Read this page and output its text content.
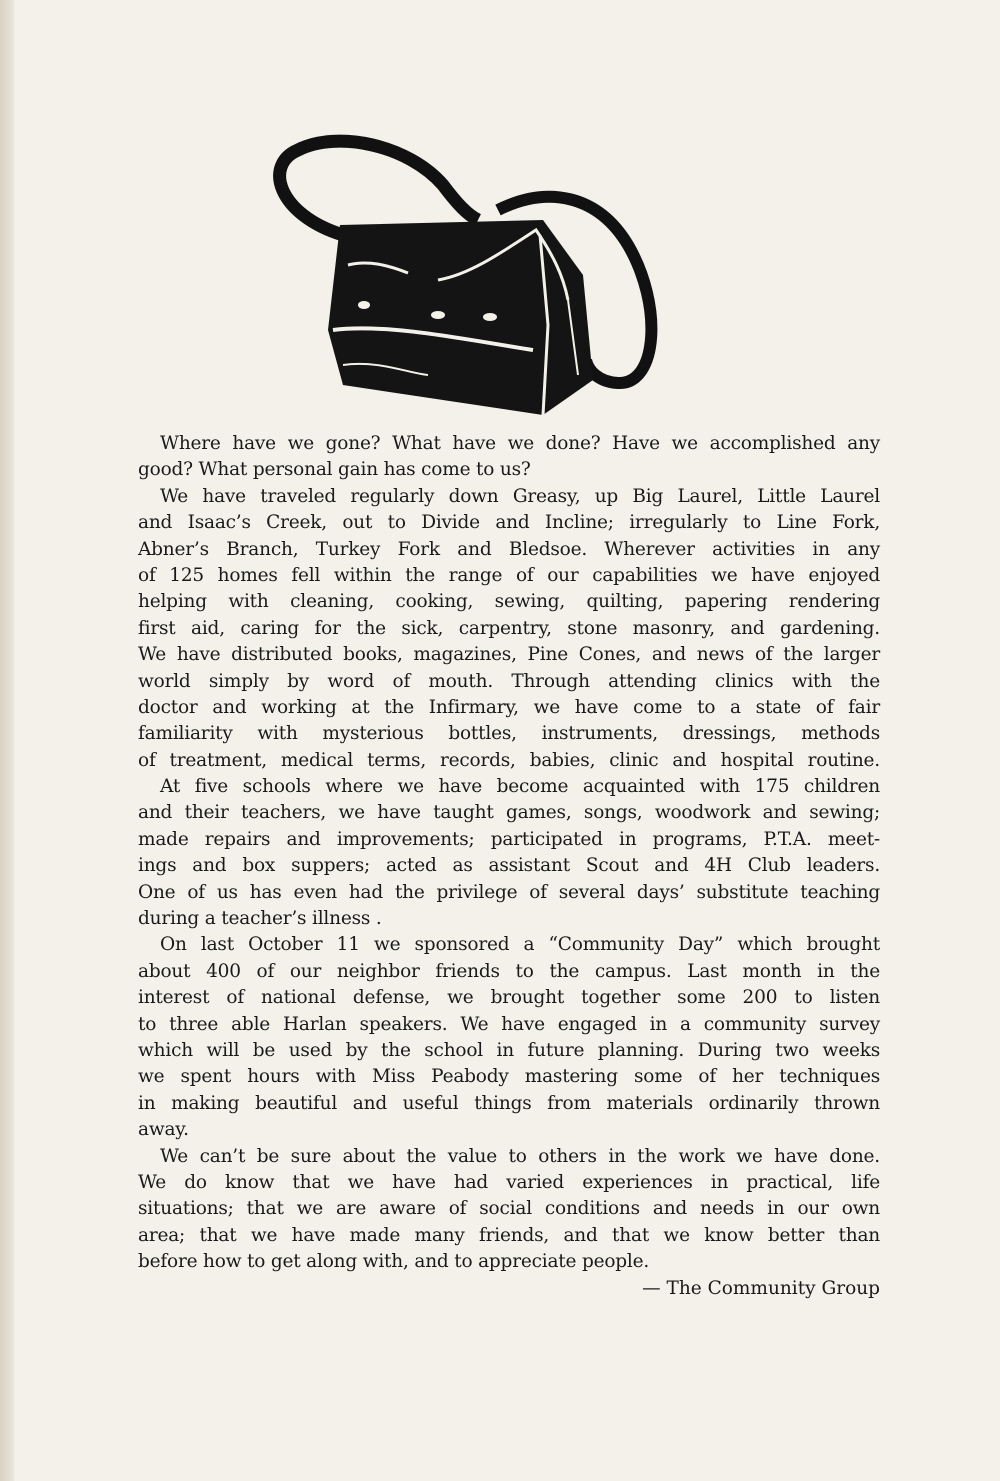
Where have we gone? What have we done? Have we accomplished any
good? What personal gain has come to us?
We have traveled regularly down Greasy, up Big Laurel, Little Laurel
and Isaac’s Creek, out to Divide and Incline; irregularly to Line Fork,
Abner’s Branch, Turkey Fork and Bledsoe. Wherever activities in any
of 125 homes fell within the range of our capabilities we have enjoyed
helping with cleaning, cooking, sewing, quilting, papering rendering
first aid, caring for the sick, carpentry, stone masonry, and gardening.
We have distributed books, magazines, Pine Cones, and news of the larger
world simply by word of mouth. Through attending clinics with the
doctor and working at the Infirmary, we have come to a state of fair
familiarity with mysterious bottles, instruments, dressings, methods
of treatment, medical terms, records, babies, clinic and hospital routine.
At five schools where we have become acquainted with 175 children
and their teachers, we have taught games, songs, woodwork and sewing;
made repairs and improvements; participated in programs, P.T.A. meet-
ings and box suppers; acted as assistant Scout and 4H Club leaders.
One of us has even had the privilege of several days’ substitute teaching
during a teacher’s illness .
On last October 11 we sponsored a “Community Day” which brought
about 400 of our neighbor friends to the campus. Last month in the
interest of national defense, we brought together some 200 to listen
to three able Harlan speakers. We have engaged in a community survey
which will be used by the school in future planning. During two weeks
we spent hours with Miss Peabody mastering some of her techniques
in making beautiful and useful things from materials ordinarily thrown
away.
We can’t be sure about the value to others in the work we have done.
We do know that we have had varied experiences in practical, life
situations; that we are aware of social conditions and needs in our own
area; that we have made many friends, and that we know better than
before how to get along with, and to appreciate people.
— The Community Group
